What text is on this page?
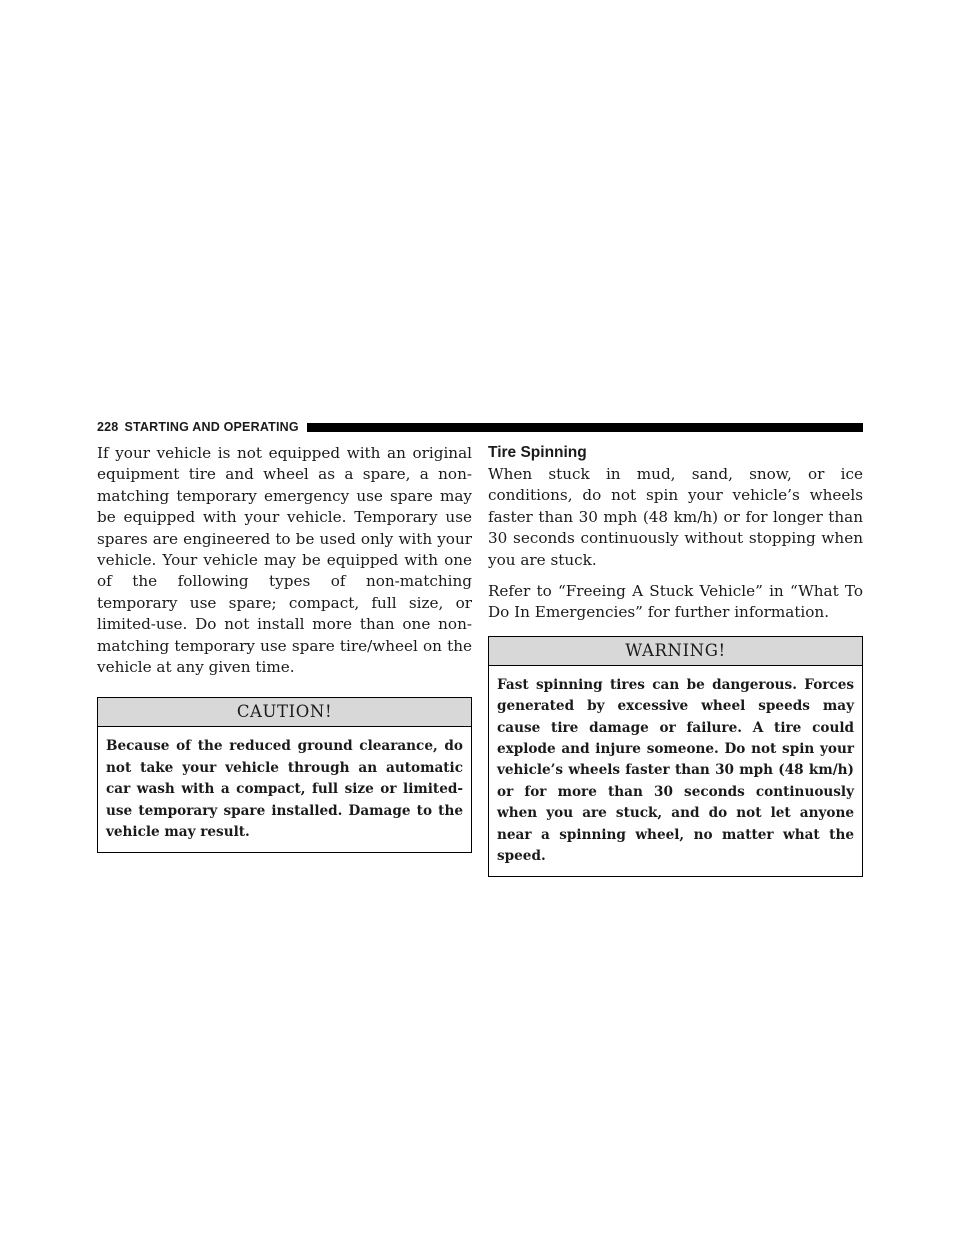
228 STARTING AND OPERATING

If your vehicle is not equipped with an original equipment tire and wheel as a spare, a non-matching temporary emergency use spare may be equipped with your vehicle. Temporary use spares are engineered to be used only with your vehicle. Your vehicle may be equipped with one of the following types of non-matching temporary use spare; compact, full size, or limited-use. Do not install more than one non-matching temporary use spare tire/wheel on the vehicle at any given time.

CAUTION!
Because of the reduced ground clearance, do not take your vehicle through an automatic car wash with a compact, full size or limited-use temporary spare installed. Damage to the vehicle may result.
Tire Spinning

When stuck in mud, sand, snow, or ice conditions, do not spin your vehicle’s wheels faster than 30 mph (48 km/h) or for longer than 30 seconds continuously without stopping when you are stuck.

Refer to “Freeing A Stuck Vehicle” in “What To Do In Emergencies” for further information.

WARNING!
Fast spinning tires can be dangerous. Forces generated by excessive wheel speeds may cause tire damage or failure. A tire could explode and injure someone. Do not spin your vehicle’s wheels faster than 30 mph (48 km/h) or for more than 30 seconds continuously when you are stuck, and do not let anyone near a spinning wheel, no matter what the speed.
